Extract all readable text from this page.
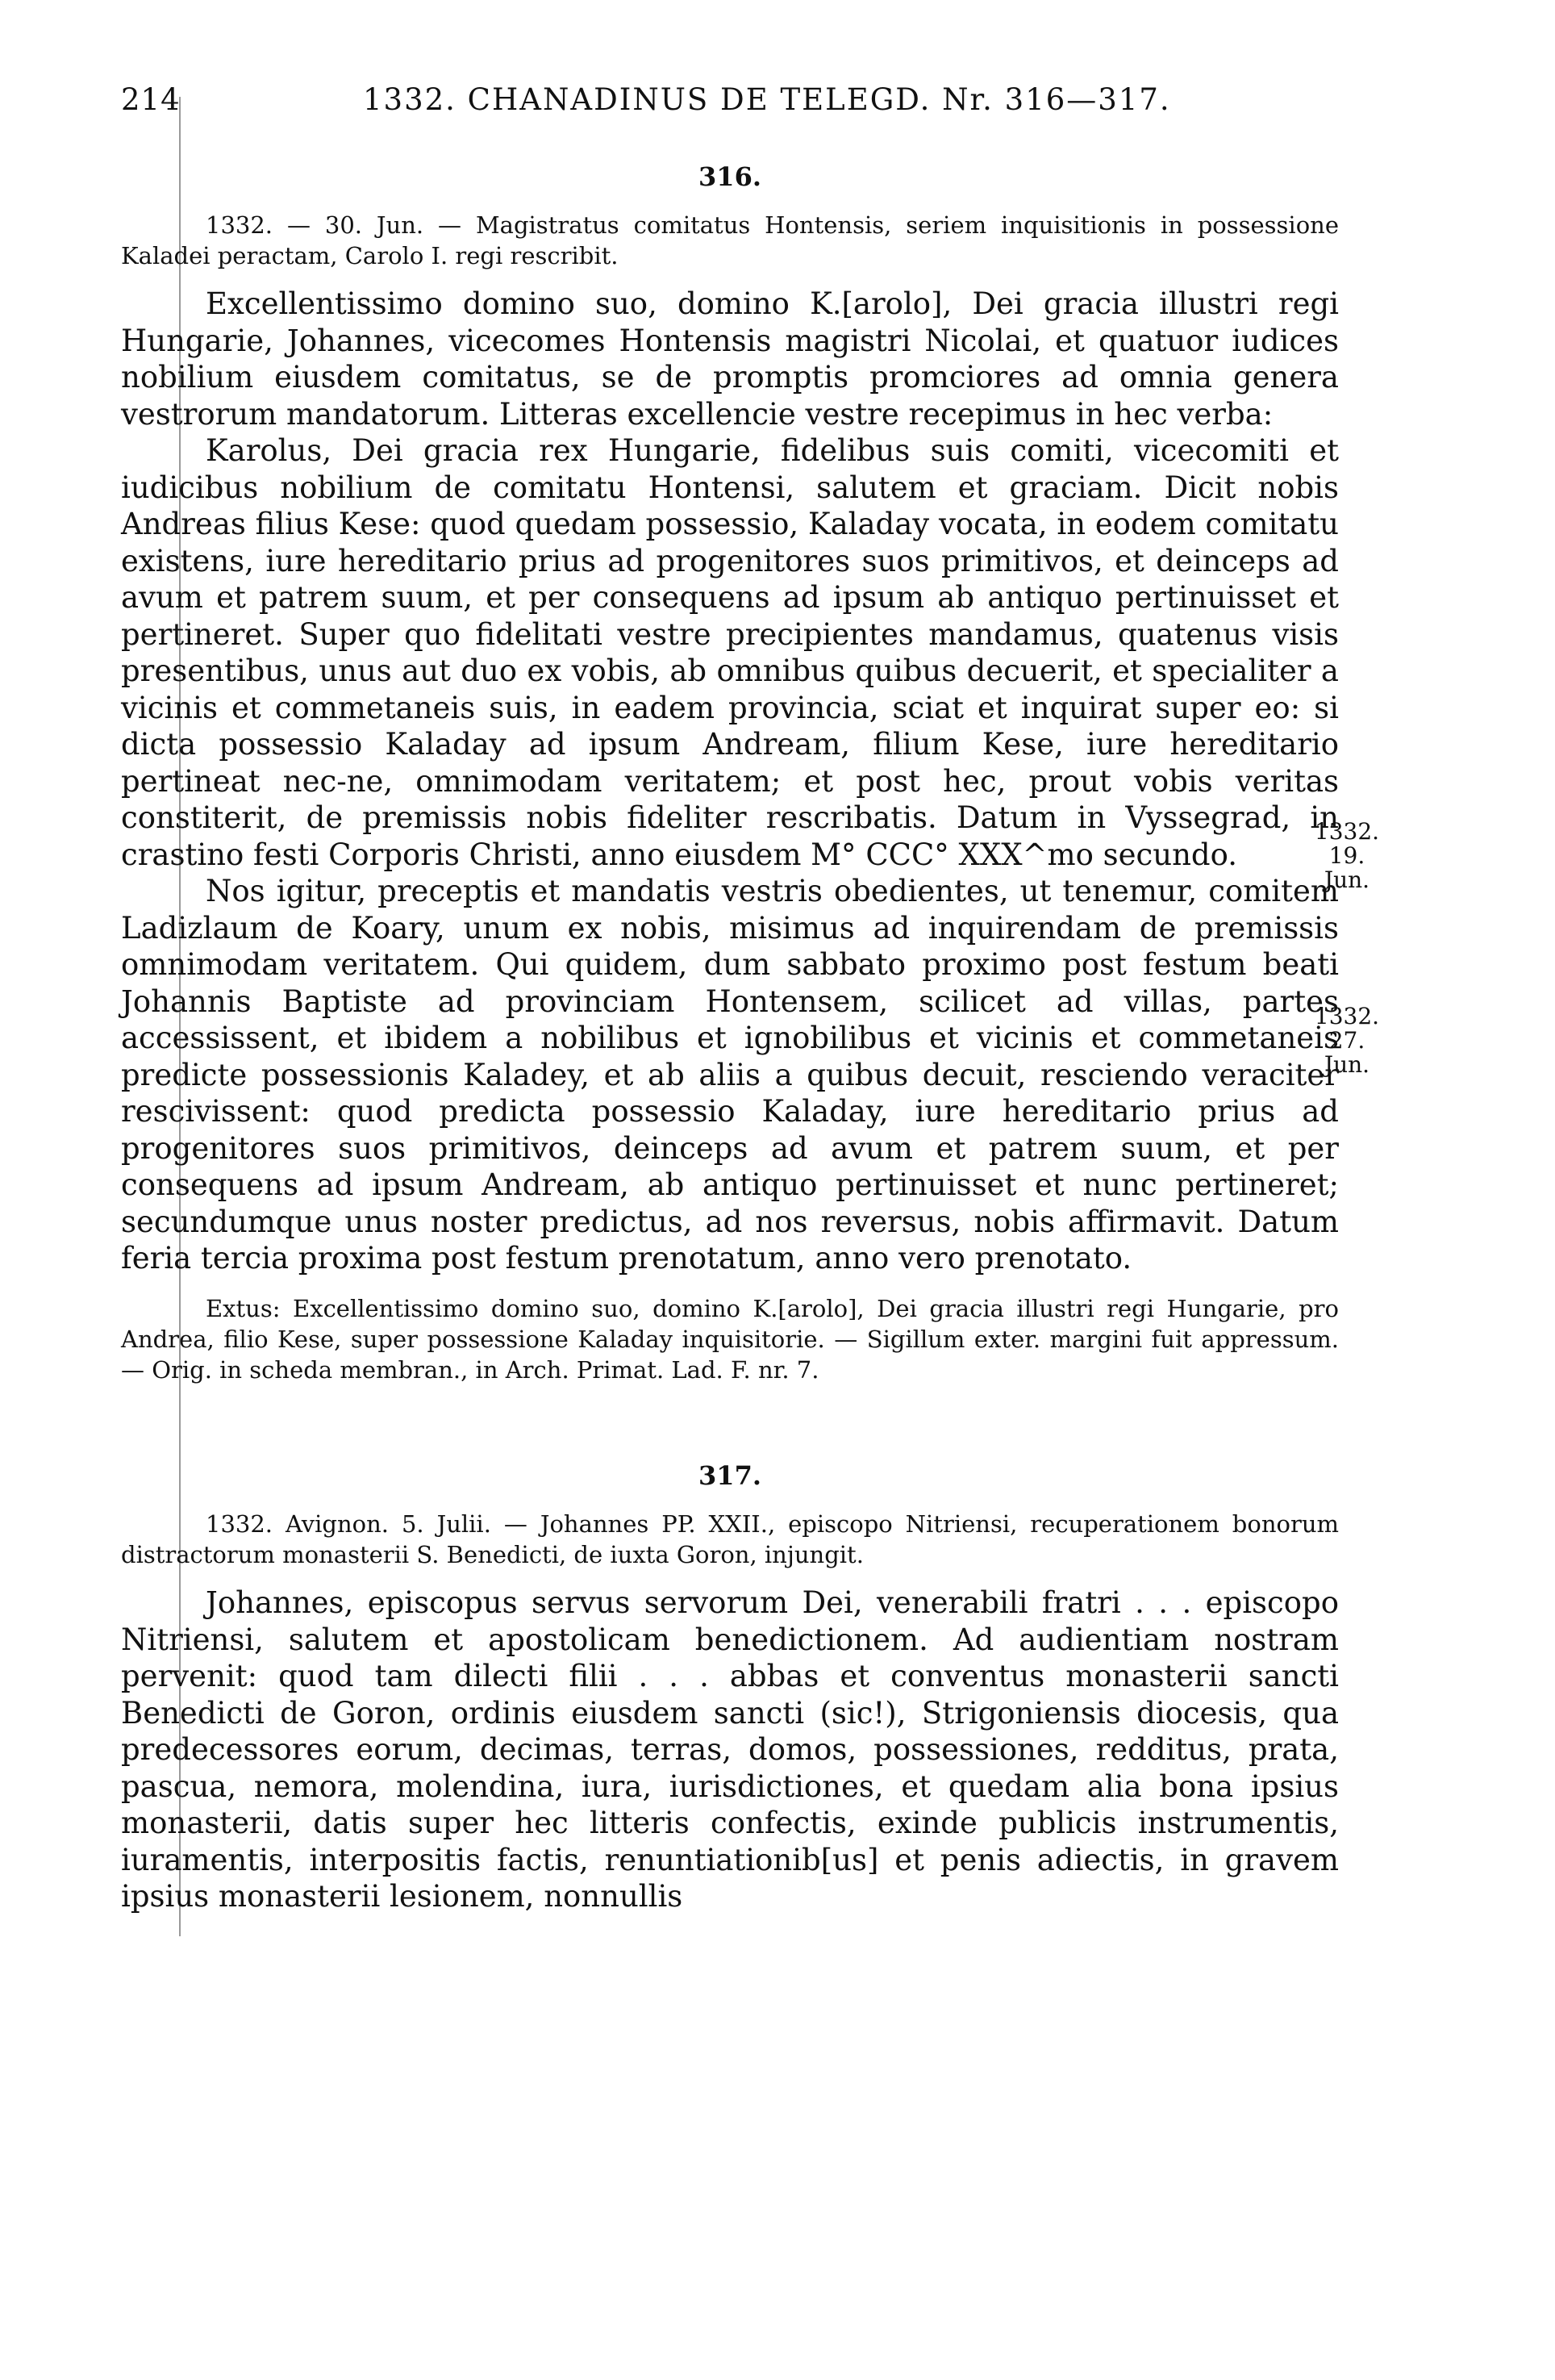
214	1332. CHANADINUS DE TELEGD. Nr. 316—317.

316.

1332. — 30. Jun. — Magistratus comitatus Hontensis, seriem inquisitionis in possessione Kaladei peractam, Carolo I. regi rescribit.

Excellentissimo domino suo, domino K.[arolo], Dei gracia illustri regi Hungarie, Johannes, vicecomes Hontensis magistri Nicolai, et quatuor iudices nobilium eiusdem comitatus, se de promptis promciores ad omnia genera vestrorum mandatorum. Litteras excellencie vestre recepimus in hec verba:

Karolus, Dei gracia rex Hungarie, fidelibus suis comiti, vicecomiti et iudicibus nobilium de comitatu Hontensi, salutem et graciam. Dicit nobis Andreas filius Kese: quod quedam possessio, Kaladay vocata, in eodem comitatu existens, iure hereditario prius ad progenitores suos primitivos, et deinceps ad avum et patrem suum, et per consequens ad ipsum ab antiquo pertinuisset et pertineret. Super quo fidelitati vestre precipientes mandamus, quatenus visis presentibus, unus aut duo ex vobis, ab omnibus quibus decuerit, et specialiter a vicinis et commetaneis suis, in eadem provincia, sciat et inquirat super eo: si dicta possessio Kaladay ad ipsum Andream, filium Kese, iure hereditario pertineat nec-ne, omnimodam veritatem; et post hec, prout vobis veritas constiterit, de premissis nobis fideliter rescribatis. Datum in Vyssegrad, in crastino festi Corporis Christi, anno eiusdem M° CCC° XXX^mo secundo.

Nos igitur, preceptis et mandatis vestris obedientes, ut tenemur, comitem Ladizlaum de Koary, unum ex nobis, misimus ad inquirendam de premissis omnimodam veritatem. Qui quidem, dum sabbato proximo post festum beati Johannis Baptiste ad provinciam Hontensem, scilicet ad villas, partes accessissent, et ibidem a nobilibus et ignobilibus et vicinis et commetaneis predicte possessionis Kaladey, et ab aliis a quibus decuit, resciendo veraciter rescivissent: quod predicta possessio Kaladay, iure hereditario prius ad progenitores suos primitivos, deinceps ad avum et patrem suum, et per consequens ad ipsum Andream, ab antiquo pertinuisset et nunc pertineret; secundumque unus noster predictus, ad nos reversus, nobis affirmavit. Datum feria tercia proxima post festum prenotatum, anno vero prenotato.

Extus: Excellentissimo domino suo, domino K.[arolo], Dei gracia illustri regi Hungarie, pro Andrea, filio Kese, super possessione Kaladay inquisitorie. — Sigillum exter. margini fuit appressum. — Orig. in scheda membran., in Arch. Primat. Lad. F. nr. 7.

1332.
19. Jun.
1332.
27. Jun.

317.

1332. Avignon. 5. Julii. — Johannes PP. XXII., episcopo Nitriensi, recuperationem bonorum distractorum monasterii S. Benedicti, de iuxta Goron, injungit.

Johannes, episcopus servus servorum Dei, venerabili fratri . . . episcopo Nitriensi, salutem et apostolicam benedictionem. Ad audientiam nostram pervenit: quod tam dilecti filii . . . abbas et conventus monasterii sancti Benedicti de Goron, ordinis eiusdem sancti (sic!), Strigoniensis diocesis, qua predecessores eorum, decimas, terras, domos, possessiones, redditus, prata, pascua, nemora, molendina, iura, iurisdictiones, et quedam alia bona ipsius monasterii, datis super hec litteris confectis, exinde publicis instrumentis, iuramentis, interpositis factis, renuntiationib[us] et penis adiectis, in gravem ipsius monasterii lesionem, nonnullis
